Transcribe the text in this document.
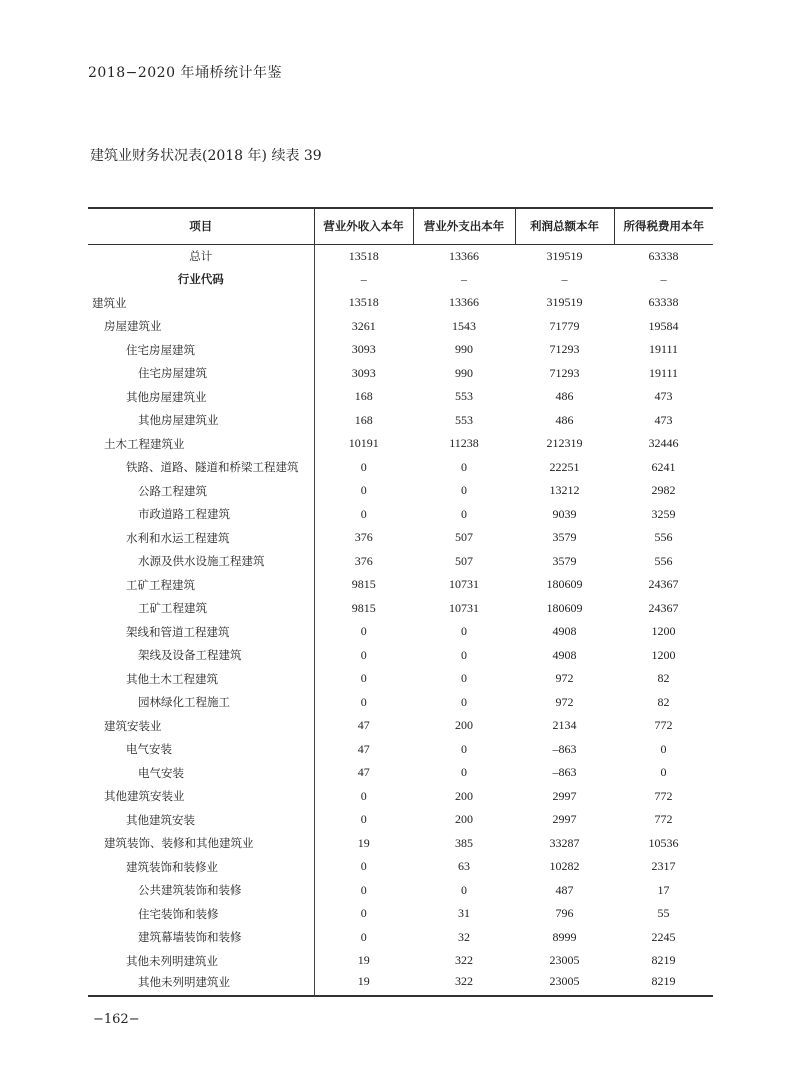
2018−2020 年埇桥统计年鉴
建筑业财务状况表(2018 年) 续表 39
项目	营业外收入本年	营业外支出本年	利润总额本年	所得税费用本年
总计	13518	13366	319519	63338
行业代码	–	–	–	–
建筑业	13518	13366	319519	63338
房屋建筑业	3261	1543	71779	19584
住宅房屋建筑	3093	990	71293	19111
住宅房屋建筑	3093	990	71293	19111
其他房屋建筑业	168	553	486	473
其他房屋建筑业	168	553	486	473
土木工程建筑业	10191	11238	212319	32446
铁路、道路、隧道和桥梁工程建筑	0	0	22251	6241
公路工程建筑	0	0	13212	2982
市政道路工程建筑	0	0	9039	3259
水利和水运工程建筑	376	507	3579	556
水源及供水设施工程建筑	376	507	3579	556
工矿工程建筑	9815	10731	180609	24367
工矿工程建筑	9815	10731	180609	24367
架线和管道工程建筑	0	0	4908	1200
架线及设备工程建筑	0	0	4908	1200
其他土木工程建筑	0	0	972	82
园林绿化工程施工	0	0	972	82
建筑安装业	47	200	2134	772
电气安装	47	0	–863	0
电气安装	47	0	–863	0
其他建筑安装业	0	200	2997	772
其他建筑安装	0	200	2997	772
建筑装饰、装修和其他建筑业	19	385	33287	10536
建筑装饰和装修业	0	63	10282	2317
公共建筑装饰和装修	0	0	487	17
住宅装饰和装修	0	31	796	55
建筑幕墙装饰和装修	0	32	8999	2245
其他未列明建筑业	19	322	23005	8219
其他未列明建筑业	19	322	23005	8219
−162−
